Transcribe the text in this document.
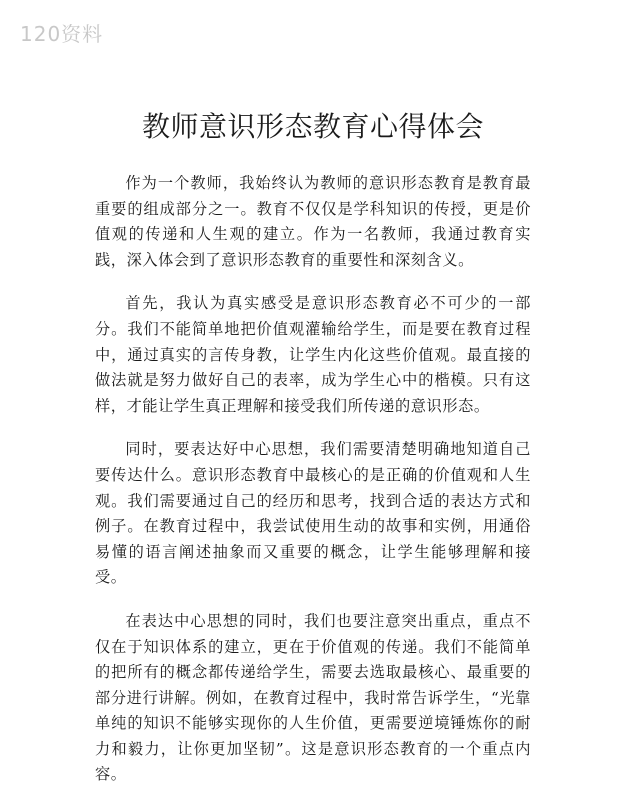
120资料
教师意识形态教育心得体会

作为一个教师，我始终认为教师的意识形态教育是教育最重要的组成部分之一。教育不仅仅是学科知识的传授，更是价值观的传递和人生观的建立。作为一名教师，我通过教育实践，深入体会到了意识形态教育的重要性和深刻含义。

首先，我认为真实感受是意识形态教育必不可少的一部分。我们不能简单地把价值观灌输给学生，而是要在教育过程中，通过真实的言传身教，让学生内化这些价值观。最直接的做法就是努力做好自己的表率，成为学生心中的楷模。只有这样，才能让学生真正理解和接受我们所传递的意识形态。

同时，要表达好中心思想，我们需要清楚明确地知道自己要传达什么。意识形态教育中最核心的是正确的价值观和人生观。我们需要通过自己的经历和思考，找到合适的表达方式和例子。在教育过程中，我尝试使用生动的故事和实例，用通俗易懂的语言阐述抽象而又重要的概念，让学生能够理解和接受。

在表达中心思想的同时，我们也要注意突出重点，重点不仅在于知识体系的建立，更在于价值观的传递。我们不能简单的把所有的概念都传递给学生，需要去选取最核心、最重要的部分进行讲解。例如，在教育过程中，我时常告诉学生，“光靠单纯的知识不能够实现你的人生价值，更需要逆境锤炼你的耐力和毅力，让你更加坚韧”。这是意识形态教育的一个重点内容。
